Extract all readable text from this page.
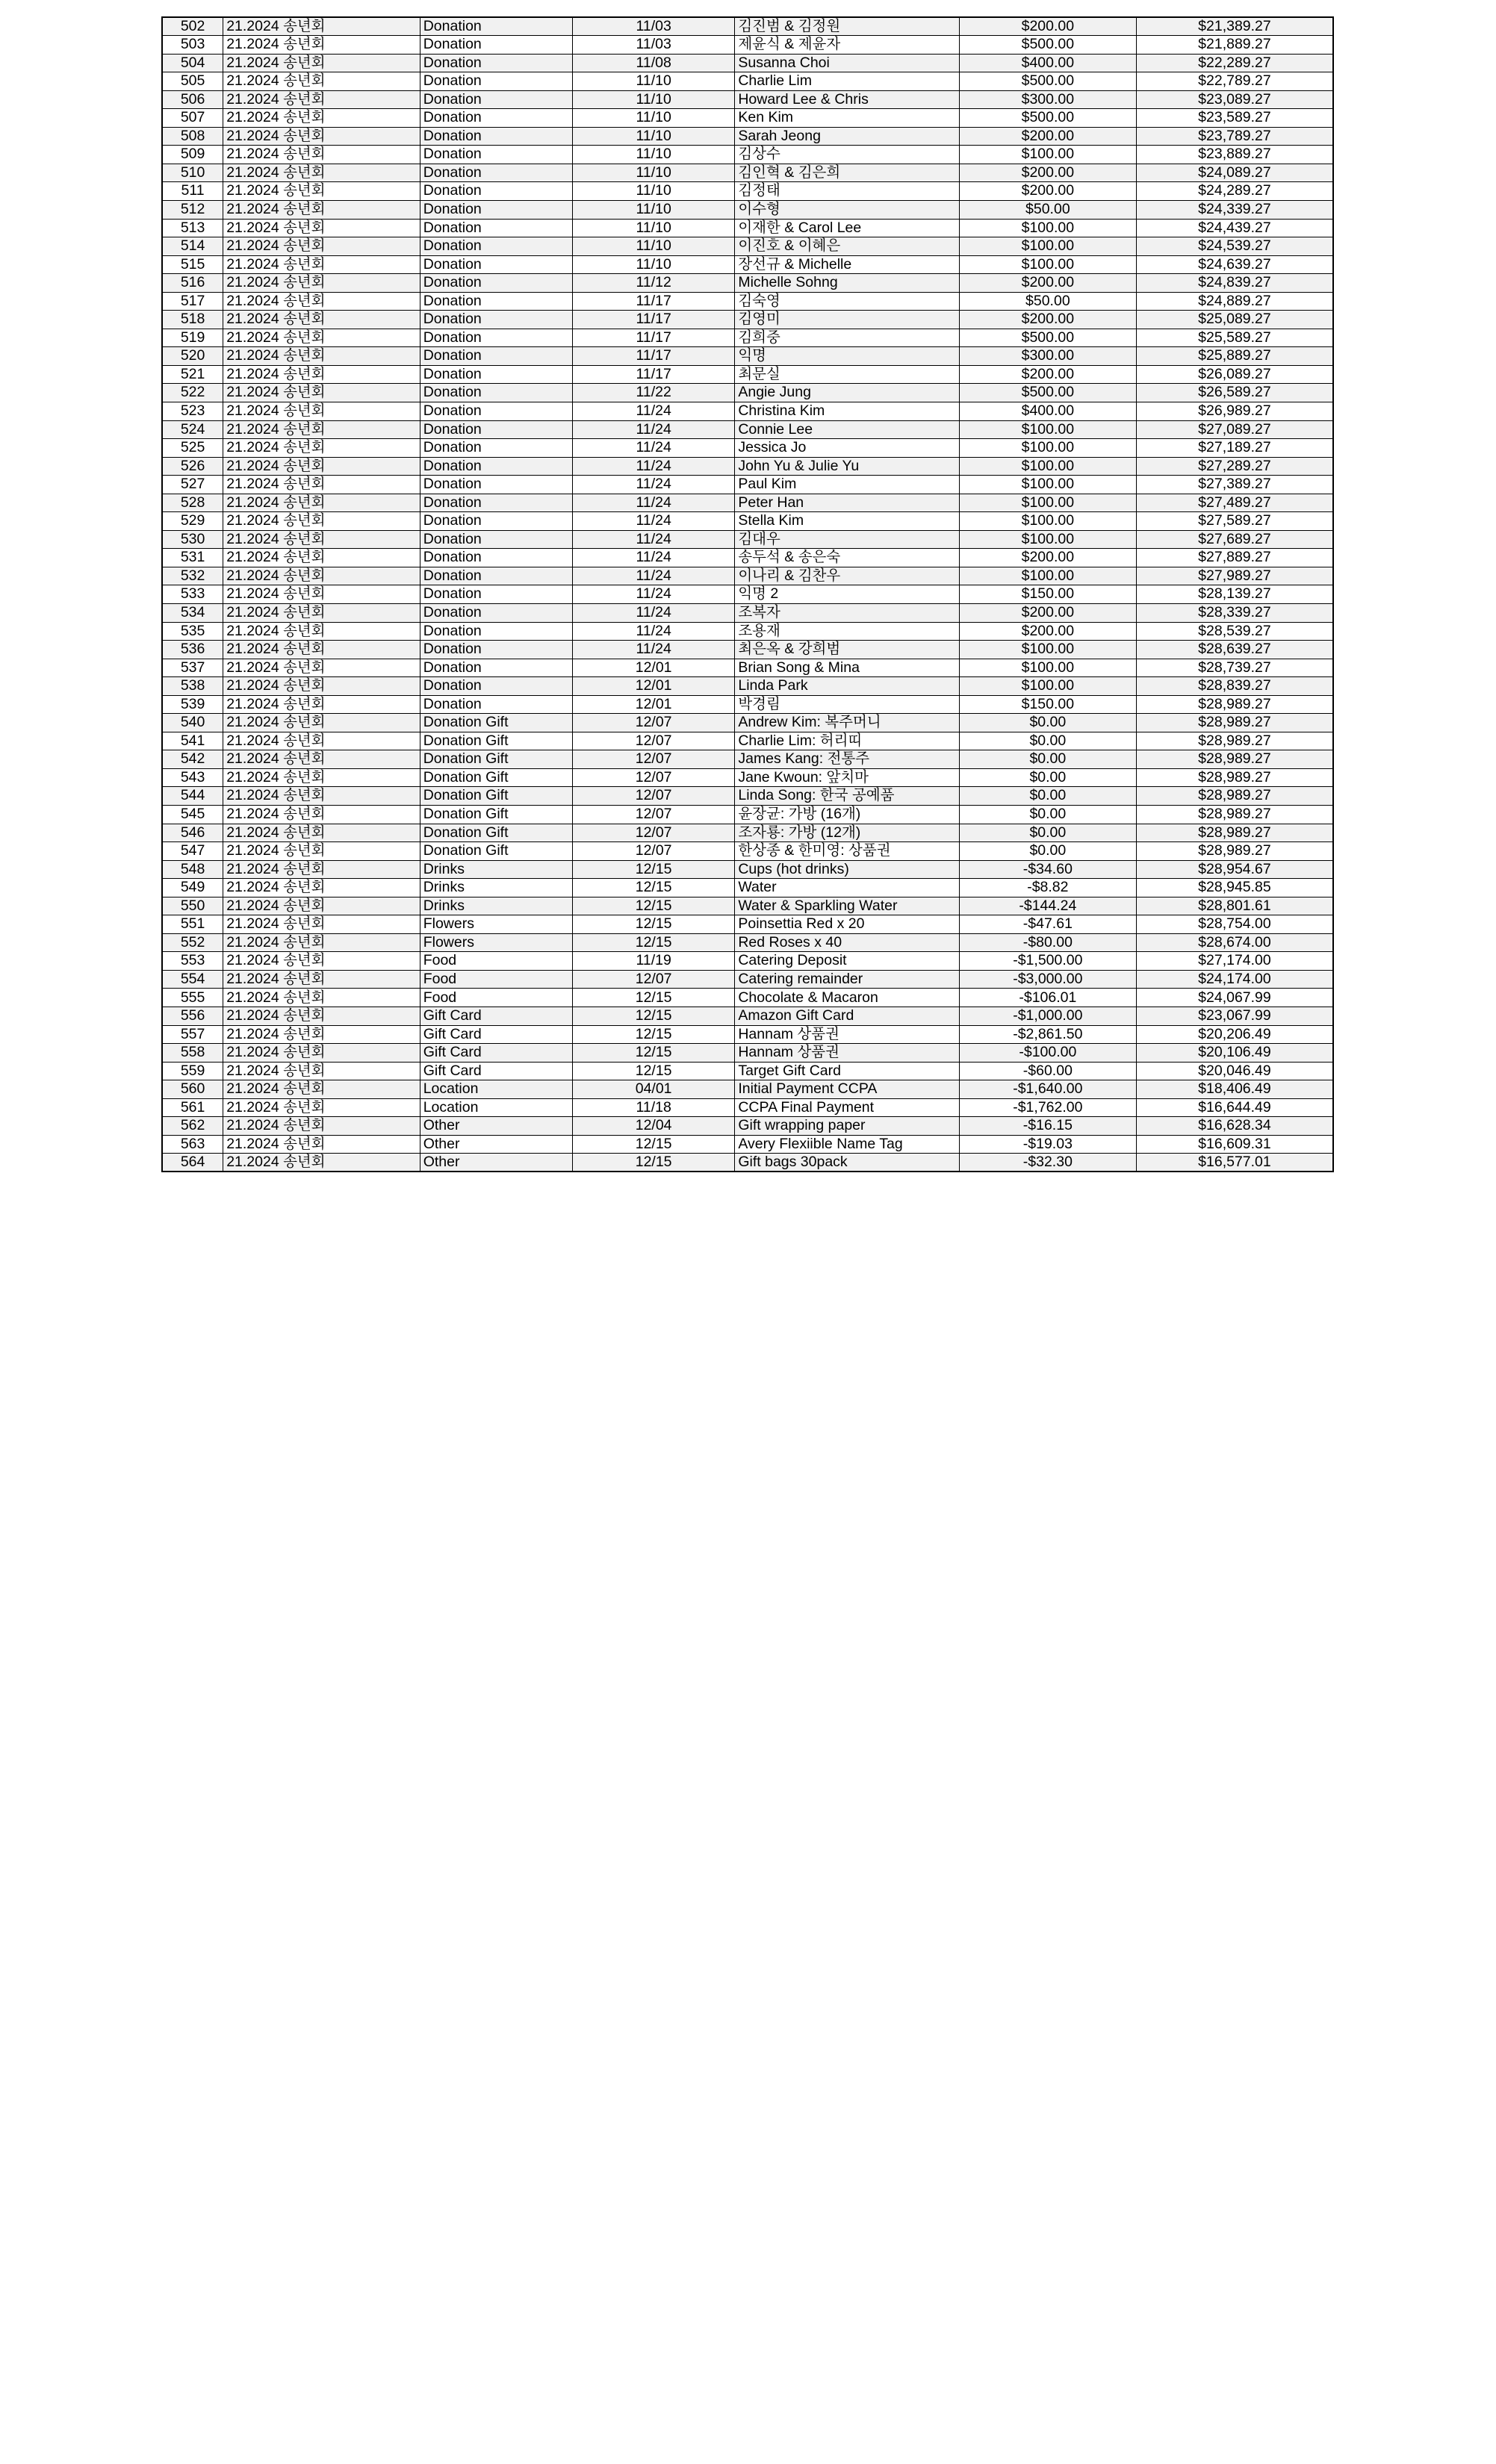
502	21.2024 송년회	Donation	11/03	김진범 & 김정원	$200.00	$21,389.27
503	21.2024 송년회	Donation	11/03	제윤식 & 제윤자	$500.00	$21,889.27
504	21.2024 송년회	Donation	11/08	Susanna Choi	$400.00	$22,289.27
505	21.2024 송년회	Donation	11/10	Charlie Lim	$500.00	$22,789.27
506	21.2024 송년회	Donation	11/10	Howard Lee & Chris	$300.00	$23,089.27
507	21.2024 송년회	Donation	11/10	Ken Kim	$500.00	$23,589.27
508	21.2024 송년회	Donation	11/10	Sarah Jeong	$200.00	$23,789.27
509	21.2024 송년회	Donation	11/10	김상수	$100.00	$23,889.27
510	21.2024 송년회	Donation	11/10	김인혁 & 김은희	$200.00	$24,089.27
511	21.2024 송년회	Donation	11/10	김정태	$200.00	$24,289.27
512	21.2024 송년회	Donation	11/10	이수형	$50.00	$24,339.27
513	21.2024 송년회	Donation	11/10	이재한 & Carol Lee	$100.00	$24,439.27
514	21.2024 송년회	Donation	11/10	이진호 & 이혜은	$100.00	$24,539.27
515	21.2024 송년회	Donation	11/10	장선규 & Michelle	$100.00	$24,639.27
516	21.2024 송년회	Donation	11/12	Michelle Sohng	$200.00	$24,839.27
517	21.2024 송년회	Donation	11/17	김숙영	$50.00	$24,889.27
518	21.2024 송년회	Donation	11/17	김영미	$200.00	$25,089.27
519	21.2024 송년회	Donation	11/17	김희중	$500.00	$25,589.27
520	21.2024 송년회	Donation	11/17	익명	$300.00	$25,889.27
521	21.2024 송년회	Donation	11/17	최문실	$200.00	$26,089.27
522	21.2024 송년회	Donation	11/22	Angie Jung	$500.00	$26,589.27
523	21.2024 송년회	Donation	11/24	Christina Kim	$400.00	$26,989.27
524	21.2024 송년회	Donation	11/24	Connie Lee	$100.00	$27,089.27
525	21.2024 송년회	Donation	11/24	Jessica Jo	$100.00	$27,189.27
526	21.2024 송년회	Donation	11/24	John Yu & Julie Yu	$100.00	$27,289.27
527	21.2024 송년회	Donation	11/24	Paul Kim	$100.00	$27,389.27
528	21.2024 송년회	Donation	11/24	Peter Han	$100.00	$27,489.27
529	21.2024 송년회	Donation	11/24	Stella Kim	$100.00	$27,589.27
530	21.2024 송년회	Donation	11/24	김대우	$100.00	$27,689.27
531	21.2024 송년회	Donation	11/24	송두석 & 송은숙	$200.00	$27,889.27
532	21.2024 송년회	Donation	11/24	이나리 & 김찬우	$100.00	$27,989.27
533	21.2024 송년회	Donation	11/24	익명 2	$150.00	$28,139.27
534	21.2024 송년회	Donation	11/24	조복자	$200.00	$28,339.27
535	21.2024 송년회	Donation	11/24	조용재	$200.00	$28,539.27
536	21.2024 송년회	Donation	11/24	최은옥 & 강희범	$100.00	$28,639.27
537	21.2024 송년회	Donation	12/01	Brian Song & Mina	$100.00	$28,739.27
538	21.2024 송년회	Donation	12/01	Linda Park	$100.00	$28,839.27
539	21.2024 송년회	Donation	12/01	박경림	$150.00	$28,989.27
540	21.2024 송년회	Donation Gift	12/07	Andrew Kim: 복주머니	$0.00	$28,989.27
541	21.2024 송년회	Donation Gift	12/07	Charlie Lim: 허리띠	$0.00	$28,989.27
542	21.2024 송년회	Donation Gift	12/07	James Kang: 전통주	$0.00	$28,989.27
543	21.2024 송년회	Donation Gift	12/07	Jane Kwoun: 앞치마	$0.00	$28,989.27
544	21.2024 송년회	Donation Gift	12/07	Linda Song: 한국 공예품	$0.00	$28,989.27
545	21.2024 송년회	Donation Gift	12/07	윤장균: 가방 (16개)	$0.00	$28,989.27
546	21.2024 송년회	Donation Gift	12/07	조자룡: 가방 (12개)	$0.00	$28,989.27
547	21.2024 송년회	Donation Gift	12/07	한상종 & 한미영: 상품권	$0.00	$28,989.27
548	21.2024 송년회	Drinks	12/15	Cups (hot drinks)	-$34.60	$28,954.67
549	21.2024 송년회	Drinks	12/15	Water	-$8.82	$28,945.85
550	21.2024 송년회	Drinks	12/15	Water & Sparkling Water	-$144.24	$28,801.61
551	21.2024 송년회	Flowers	12/15	Poinsettia Red x 20	-$47.61	$28,754.00
552	21.2024 송년회	Flowers	12/15	Red Roses x 40	-$80.00	$28,674.00
553	21.2024 송년회	Food	11/19	Catering Deposit	-$1,500.00	$27,174.00
554	21.2024 송년회	Food	12/07	Catering remainder	-$3,000.00	$24,174.00
555	21.2024 송년회	Food	12/15	Chocolate & Macaron	-$106.01	$24,067.99
556	21.2024 송년회	Gift Card	12/15	Amazon Gift Card	-$1,000.00	$23,067.99
557	21.2024 송년회	Gift Card	12/15	Hannam 상품권	-$2,861.50	$20,206.49
558	21.2024 송년회	Gift Card	12/15	Hannam 상품권	-$100.00	$20,106.49
559	21.2024 송년회	Gift Card	12/15	Target Gift Card	-$60.00	$20,046.49
560	21.2024 송년회	Location	04/01	Initial Payment CCPA	-$1,640.00	$18,406.49
561	21.2024 송년회	Location	11/18	CCPA Final Payment	-$1,762.00	$16,644.49
562	21.2024 송년회	Other	12/04	Gift wrapping paper	-$16.15	$16,628.34
563	21.2024 송년회	Other	12/15	Avery Flexiible Name Tag	-$19.03	$16,609.31
564	21.2024 송년회	Other	12/15	Gift bags 30pack	-$32.30	$16,577.01
